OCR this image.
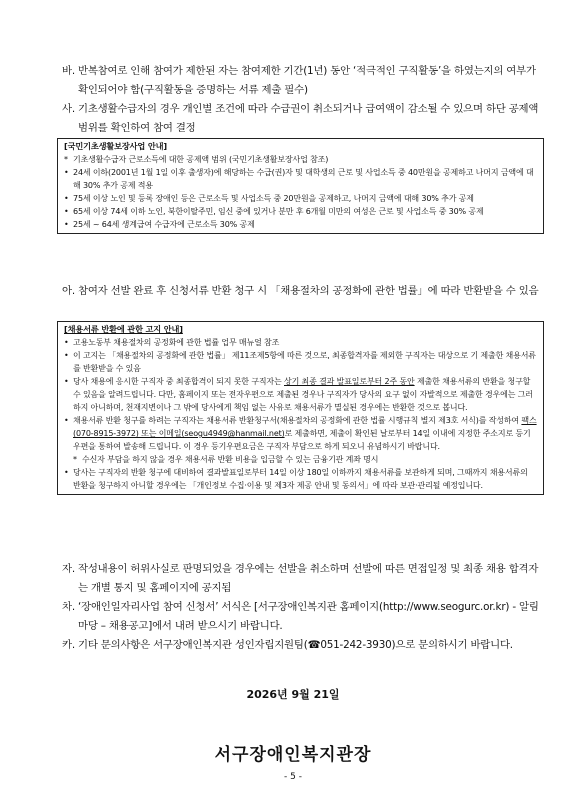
바. 반복참여로 인해 참여가 제한된 자는 참여제한 기간(1년) 동안 ‘적극적인 구직활동’을 하였는지의 여부가 확인되어야 함(구직활동을 증명하는 서류 제출 필수)
사. 기초생활수급자의 경우 개인별 조건에 따라 수급권이 취소되거나 급여액이 감소될 수 있으며 하단 공제액 범위를 확인하여 참여 결정
[국민기초생활보장사업 안내]
* 기초생활수급자 근로소득에 대한 공제액 범위 (국민기초생활보장사업 참조)
• 24세 이하(2001년 1월 1일 이후 출생자)에 해당하는 수급(권)자 및 대학생의 근로 및 사업소득 중 40만원을 공제하고 나머지 금액에 대해 30% 추가 공제 적용
• 75세 이상 노인 및 등록 장애인 등은 근로소득 및 사업소득 중 20만원을 공제하고, 나머지 금액에 대해 30% 추가 공제
• 65세 이상 74세 이하 노인, 북한이탈주민, 임신 중에 있거나 분만 후 6개월 미만의 여성은 근로 및 사업소득 중 30% 공제
• 25세 ~ 64세 생계급여 수급자에 근로소득 30% 공제
아. 참여자 선발 완료 후 신청서류 반환 청구 시 「채용절차의 공정화에 관한 법률」에 따라 반환받을 수 있음
[채용서류 반환에 관한 고지 안내]
• 고용노동부 채용절차의 공정화에 관한 법률 업무 매뉴얼 참조
• 이 고지는 「채용절차의 공정화에 관한 법률」 제11조제5항에 따른 것으로, 최종합격자를 제외한 구직자는 대상으로 기 제출한 채용서류를 반환받을 수 있음
• 당사 채용에 응시한 구직자 중 최종합격이 되지 못한 구직자는 상기 최종 결과 발표일로부터 2주 동안 제출한 채용서류의 반환을 청구할 수 있음을 알려드립니다. 다만, 홈페이지 또는 전자우편으로 제출된 경우나 구직자가 당사의 요구 없이 자발적으로 제출한 경우에는 그러하지 아니하며, 천재지변이나 그 밖에 당사에게 책임 없는 사유로 채용서류가 멸실된 경우에는 반환한 것으로 봅니다.
• 채용서류 반환 청구를 하려는 구직자는 채용서류 반환청구서(채용절차의 공정화에 관한 법률 시행규칙 별지 제3호 서식)를 작성하여 팩스(070-8915-3972) 또는 이메일(seogu4949@hanmail.net)로 제출하면, 제출이 확인된 날로부터 14일 이내에 지정한 주소지로 등기우편을 통하여 발송해 드립니다. 이 경우 등기우편요금은 구직자 부담으로 하게 되오니 유념하시기 바랍니다.
* 수신자 부담을 하지 않을 경우 채용서류 반환 비용을 입금할 수 있는 금융기관 계좌 명시
• 당사는 구직자의 반환 청구에 대비하여 결과발표일로부터 14일 이상 180일 이하까지 채용서류를 보관하게 되며, 그때까지 채용서류의 반환을 청구하지 아니할 경우에는 「개인정보 수집·이용 및 제3자 제공 안내 및 동의서」에 따라 보관·관리될 예정입니다.
자. 작성내용이 허위사실로 판명되었을 경우에는 선발을 취소하며 선발에 따른 면접일정 및 최종 채용 합격자는 개별 통지 및 홈페이지에 공지됨
차. ‘장애인일자리사업 참여 신청서’ 서식은 [서구장애인복지관 홈페이지(http://www.seogurc.or.kr) - 알림마당 – 채용공고]에서 내려 받으시기 바랍니다.
카. 기타 문의사항은 서구장애인복지관 성인자립지원팀(☎051-242-3930)으로 문의하시기 바랍니다.
2026년 9월 21일
서구장애인복지관장
- 5 -
